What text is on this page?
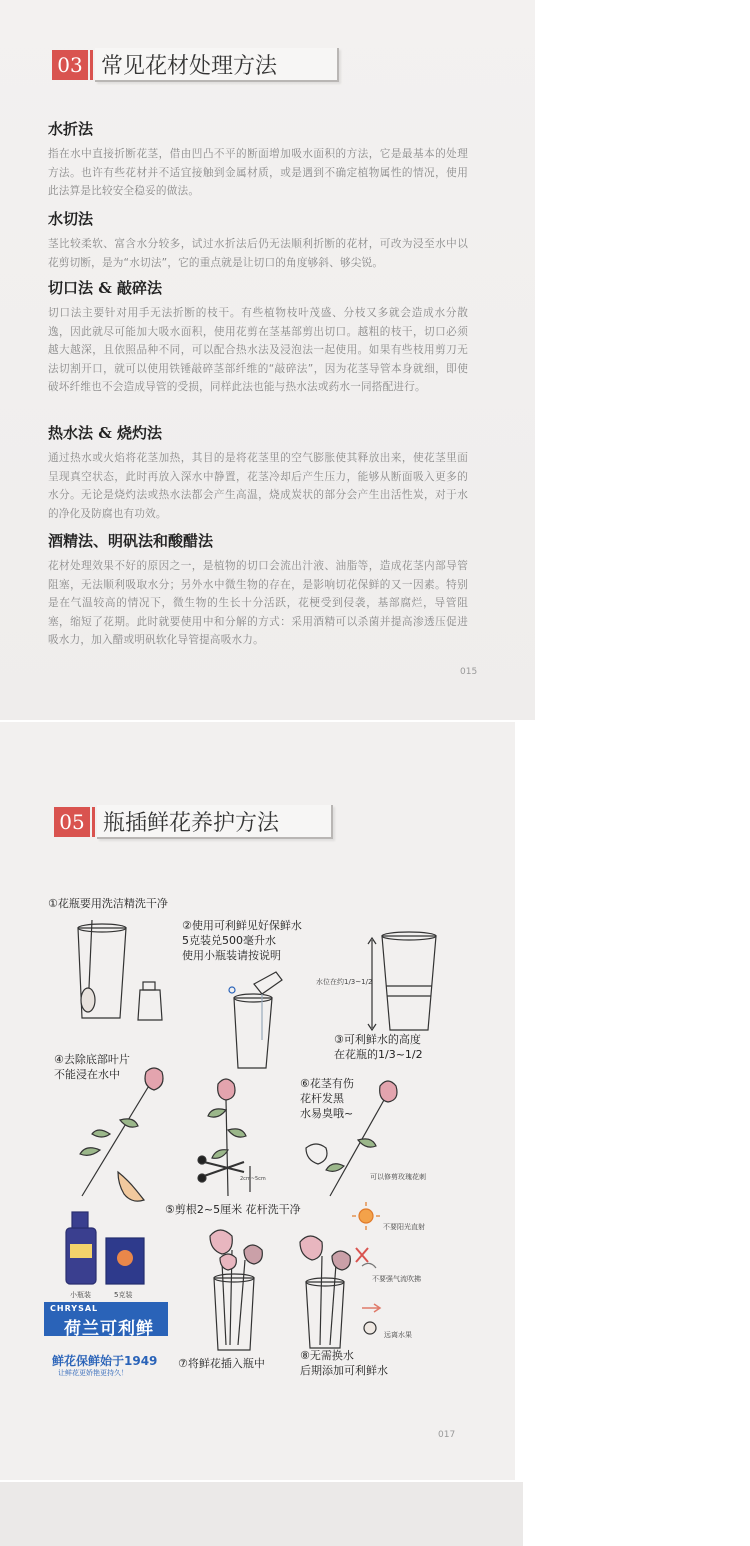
03 常见花材处理方法
水折法
指在水中直接折断花茎，借由凹凸不平的断面增加吸水面积的方法，它是最基本的处理方法。也许有些花材并不适宜接触到金属材质，或是遇到不确定植物属性的情况，使用此法算是比较安全稳妥的做法。
水切法
茎比较柔软、富含水分较多，试过水折法后仍无法顺利折断的花材，可改为浸至水中以花剪切断，是为“水切法”，它的重点就是让切口的角度够斜、够尖锐。
切口法 & 敲碎法
切口法主要针对用手无法折断的枝干。有些植物枝叶茂盛、分枝又多就会造成水分散逸，因此就尽可能加大吸水面积，使用花剪在茎基部剪出切口。越粗的枝干，切口必须越大越深，且依照品种不同，可以配合热水法及浸泡法一起使用。如果有些枝用剪刀无法切割开口，就可以使用铁锤敲碎茎部纤维的“敲碎法”，因为花茎导管本身就细，即使破坏纤维也不会造成导管的受损，同样此法也能与热水法或药水一同搭配进行。
热水法 & 烧灼法
通过热水或火焰将花茎加热，其目的是将花茎里的空气膨胀使其释放出来，使花茎里面呈现真空状态，此时再放入深水中静置，花茎冷却后产生压力，能够从断面吸入更多的水分。无论是烧灼法或热水法都会产生高温，烧成炭状的部分会产生出活性炭，对于水的净化及防腐也有功效。
酒精法、明矾法和酸醋法
花材处理效果不好的原因之一，是植物的切口会流出汁液、油脂等，造成花茎内部导管阻塞，无法顺利吸取水分；另外水中微生物的存在，是影响切花保鲜的又一因素。特别是在气温较高的情况下，微生物的生长十分活跃，花梗受到侵袭，基部腐烂，导管阻塞，缩短了花期。此时就要使用中和分解的方式：采用酒精可以杀菌并提高渗透压促进吸水力，加入醋或明矾软化导管提高吸水力。
015
05 瓶插鲜花养护方法
①花瓶要用洗洁精洗干净
②使用可利鲜见好保鲜水
5克装兑500毫升水
使用小瓶装请按说明
水位在约1/3~1/2
③可利鲜水的高度
在花瓶的1/3~1/2
④去除底部叶片
不能浸在水中
⑥花茎有伤
花杆发黑
水易臭哦~
可以修剪玫瑰花刺
2cm~5cm
⑤剪根2~5厘米 花杆洗干净
不要阳光直射
不要强气流吹拂
远离水果
⑦将鲜花插入瓶中
⑧无需换水
后期添加可利鲜水
小瓶装	5克装
CHRYSAL
荷兰可利鲜
鲜花保鲜始于1949
让鲜花更娇艳更持久！
017
